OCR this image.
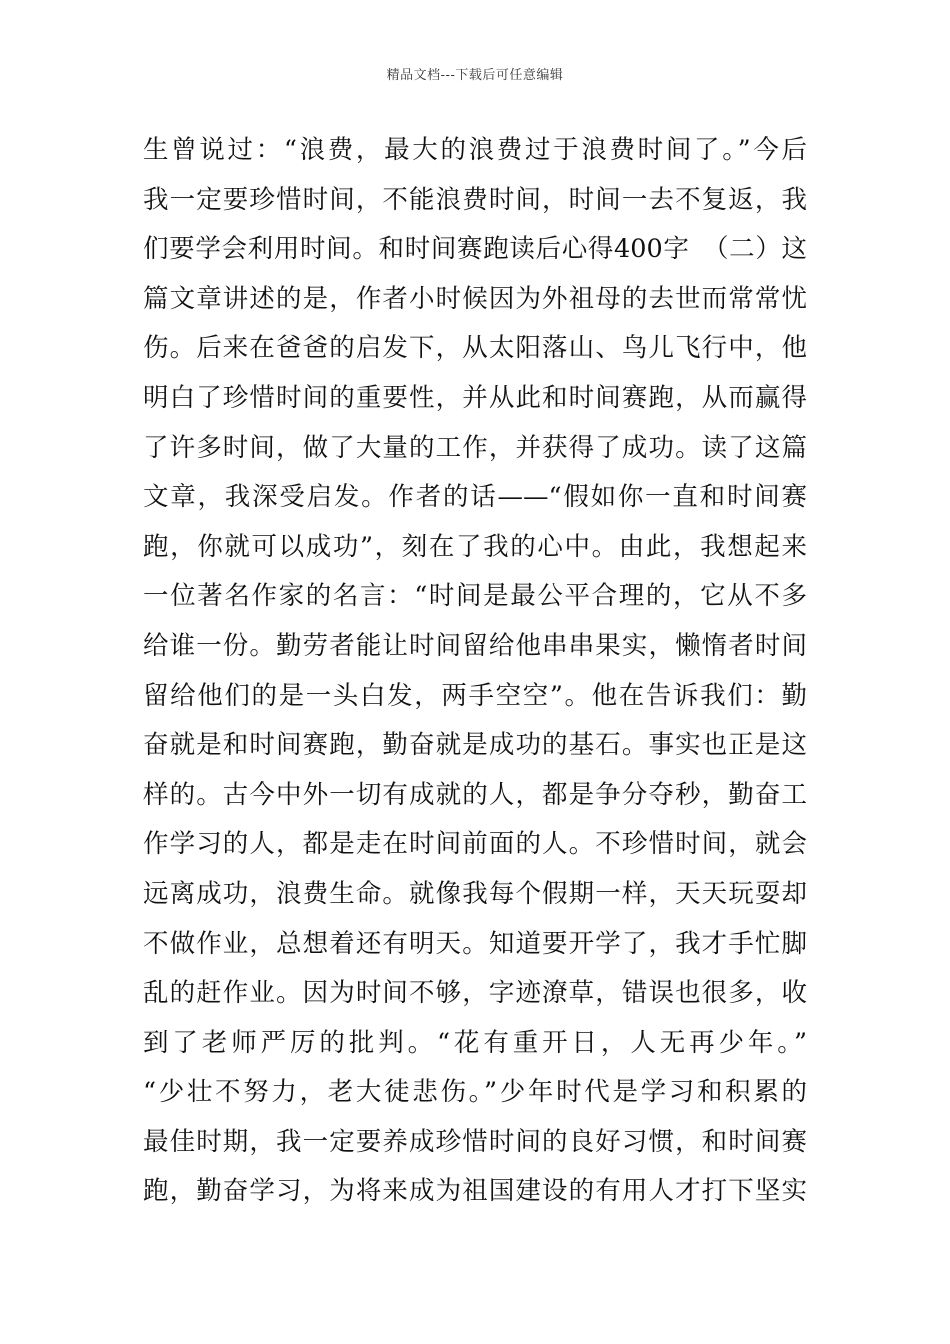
精品文档---下载后可任意编辑
生曾说过：“浪费，最大的浪费过于浪费时间了。”今后
我一定要珍惜时间，不能浪费时间，时间一去不复返，我
们要学会利用时间。和时间赛跑读后心得400字　（二）这
篇文章讲述的是，作者小时候因为外祖母的去世而常常忧
伤。后来在爸爸的启发下，从太阳落山、鸟儿飞行中，他
明白了珍惜时间的重要性，并从此和时间赛跑，从而赢得
了许多时间，做了大量的工作，并获得了成功。读了这篇
文章，我深受启发。作者的话——“假如你一直和时间赛
跑，你就可以成功”，刻在了我的心中。由此，我想起来
一位著名作家的名言：“时间是最公平合理的，它从不多
给谁一份。勤劳者能让时间留给他串串果实，懒惰者时间
留给他们的是一头白发，两手空空”。他在告诉我们：勤
奋就是和时间赛跑，勤奋就是成功的基石。事实也正是这
样的。古今中外一切有成就的人，都是争分夺秒，勤奋工
作学习的人，都是走在时间前面的人。不珍惜时间，就会
远离成功，浪费生命。就像我每个假期一样，天天玩耍却
不做作业，总想着还有明天。知道要开学了，我才手忙脚
乱的赶作业。因为时间不够，字迹潦草，错误也很多，收
到了老师严厉的批判。“花有重开日，人无再少年。”
“少壮不努力，老大徒悲伤。”少年时代是学习和积累的
最佳时期，我一定要养成珍惜时间的良好习惯，和时间赛
跑，勤奋学习，为将来成为祖国建设的有用人才打下坚实
